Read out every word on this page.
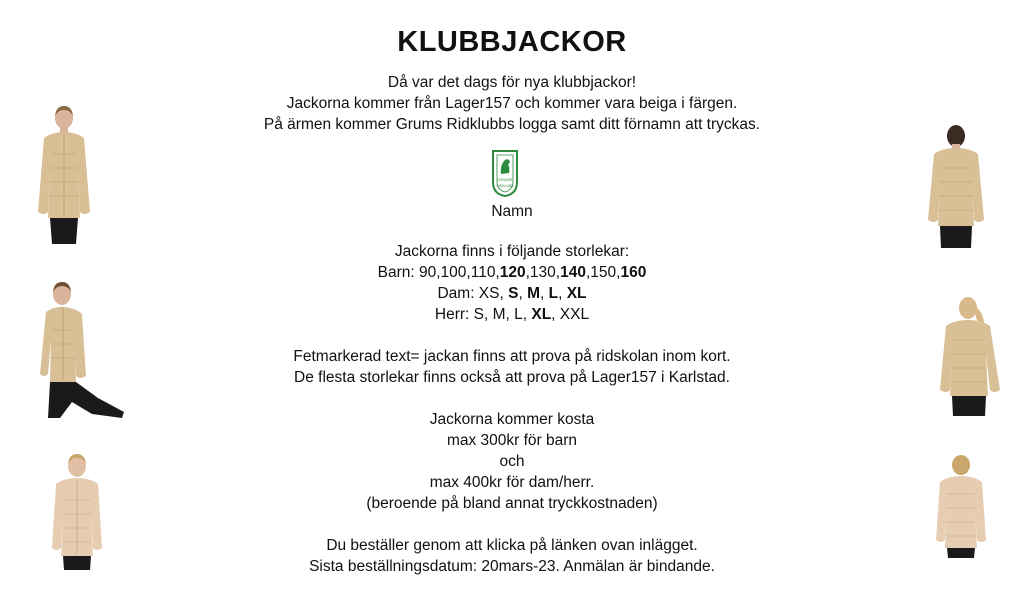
KLUBBJACKOR
Då var det dags för nya klubbjackor!
Jackorna kommer från Lager157 och kommer vara beiga i färgen.
På ärmen kommer Grums Ridklubbs logga samt ditt förnamn att tryckas.
GRUMS
RIDKLUBB
Namn
Jackorna finns i följande storlekar:
Barn: 90,100,110,120,130,140,150,160
Dam: XS, S, M, L, XL
Herr: S, M, L, XL, XXL
Fetmarkerad text= jackan finns att prova på ridskolan inom kort.
De flesta storlekar finns också att prova på Lager157 i Karlstad.
Jackorna kommer kosta
max 300kr för barn
och
max 400kr för dam/herr.
(beroende på bland annat tryckkostnaden)
Du beställer genom att klicka på länken ovan inlägget.
Sista beställningsdatum: 20mars-23. Anmälan är bindande.
